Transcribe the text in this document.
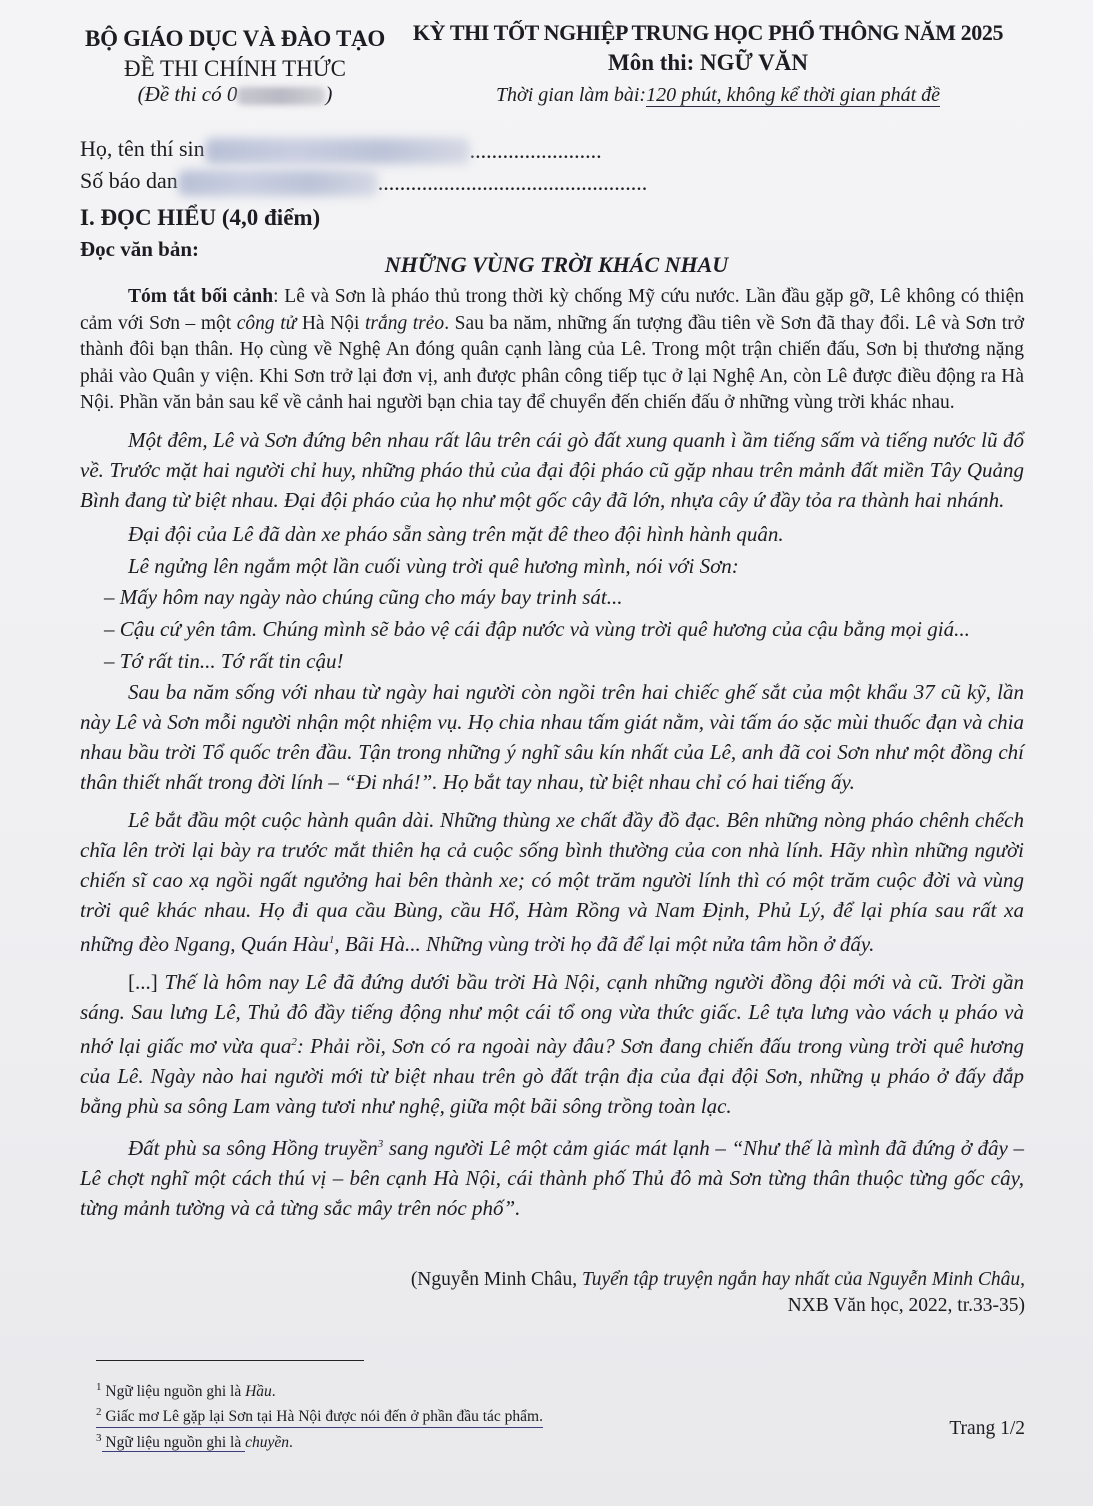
BỘ GIÁO DỤC VÀ ĐÀO TẠO
ĐỀ THI CHÍNH THỨC
(Đề thi có 0	)
KỲ THI TỐT NGHIỆP TRUNG HỌC PHỔ THÔNG NĂM 2025
Môn thi: NGỮ VĂN
Thời gian làm bài:120 phút, không kể thời gian phát đề
Họ, tên thí sin	........................
Số báo dan	.................................................
I. ĐỌC HIỂU (4,0 điểm)
Đọc văn bản:
NHỮNG VÙNG TRỜI KHÁC NHAU

Tóm tắt bối cảnh: Lê và Sơn là pháo thủ trong thời kỳ chống Mỹ cứu nước. Lần đầu gặp gỡ, Lê không có thiện cảm với Sơn – một công tử Hà Nội trắng trẻo. Sau ba năm, những ấn tượng đầu tiên về Sơn đã thay đổi. Lê và Sơn trở thành đôi bạn thân. Họ cùng về Nghệ An đóng quân cạnh làng của Lê. Trong một trận chiến đấu, Sơn bị thương nặng phải vào Quân y viện. Khi Sơn trở lại đơn vị, anh được phân công tiếp tục ở lại Nghệ An, còn Lê được điều động ra Hà Nội. Phần văn bản sau kể về cảnh hai người bạn chia tay để chuyển đến chiến đấu ở những vùng trời khác nhau.

Một đêm, Lê và Sơn đứng bên nhau rất lâu trên cái gò đất xung quanh ì ầm tiếng sấm và tiếng nước lũ đổ về. Trước mặt hai người chỉ huy, những pháo thủ của đại đội pháo cũ gặp nhau trên mảnh đất miền Tây Quảng Bình đang từ biệt nhau. Đại đội pháo của họ như một gốc cây đã lớn, nhựa cây ứ đầy tỏa ra thành hai nhánh.

Đại đội của Lê đã dàn xe pháo sẵn sàng trên mặt đê theo đội hình hành quân.

Lê ngửng lên ngắm một lần cuối vùng trời quê hương mình, nói với Sơn:

– Mấy hôm nay ngày nào chúng cũng cho máy bay trinh sát...

– Cậu cứ yên tâm. Chúng mình sẽ bảo vệ cái đập nước và vùng trời quê hương của cậu bằng mọi giá...

– Tớ rất tin... Tớ rất tin cậu!

Sau ba năm sống với nhau từ ngày hai người còn ngồi trên hai chiếc ghế sắt của một khẩu 37 cũ kỹ, lần này Lê và Sơn mỗi người nhận một nhiệm vụ. Họ chia nhau tấm giát nằm, vài tấm áo sặc mùi thuốc đạn và chia nhau bầu trời Tổ quốc trên đầu. Tận trong những ý nghĩ sâu kín nhất của Lê, anh đã coi Sơn như một đồng chí thân thiết nhất trong đời lính – “Đi nhá!”. Họ bắt tay nhau, từ biệt nhau chỉ có hai tiếng ấy.

Lê bắt đầu một cuộc hành quân dài. Những thùng xe chất đầy đồ đạc. Bên những nòng pháo chênh chếch chĩa lên trời lại bày ra trước mắt thiên hạ cả cuộc sống bình thường của con nhà lính. Hãy nhìn những người chiến sĩ cao xạ ngồi ngất ngưởng hai bên thành xe; có một trăm người lính thì có một trăm cuộc đời và vùng trời quê khác nhau. Họ đi qua cầu Bùng, cầu Hổ, Hàm Rồng và Nam Định, Phủ Lý, để lại phía sau rất xa những đèo Ngang, Quán Hàu$^1$, Bãi Hà... Những vùng trời họ đã để lại một nửa tâm hồn ở đấy.

[...] Thế là hôm nay Lê đã đứng dưới bầu trời Hà Nội, cạnh những người đồng đội mới và cũ. Trời gần sáng. Sau lưng Lê, Thủ đô đầy tiếng động như một cái tổ ong vừa thức giấc. Lê tựa lưng vào vách ụ pháo và nhớ lại giấc mơ vừa qua$^2$: Phải rồi, Sơn có ra ngoài này đâu? Sơn đang chiến đấu trong vùng trời quê hương của Lê. Ngày nào hai người mới từ biệt nhau trên gò đất trận địa của đại đội Sơn, những ụ pháo ở đấy đắp bằng phù sa sông Lam vàng tươi như nghệ, giữa một bãi sông trồng toàn lạc.

Đất phù sa sông Hồng truyền$^3$ sang người Lê một cảm giác mát lạnh – “Như thế là mình đã đứng ở đây – Lê chợt nghĩ một cách thú vị – bên cạnh Hà Nội, cái thành phố Thủ đô mà Sơn từng thân thuộc từng gốc cây, từng mảnh tường và cả từng sắc mây trên nóc phố”.

(Nguyễn Minh Châu, Tuyển tập truyện ngắn hay nhất của Nguyễn Minh Châu,
NXB Văn học, 2022, tr.33-35)
$^1$ Ngữ liệu nguồn ghi là Hầu.
$^2$ Giấc mơ Lê gặp lại Sơn tại Hà Nội được nói đến ở phần đầu tác phẩm.
$^3$ Ngữ liệu nguồn ghi là chuyền.
Trang 1/2
